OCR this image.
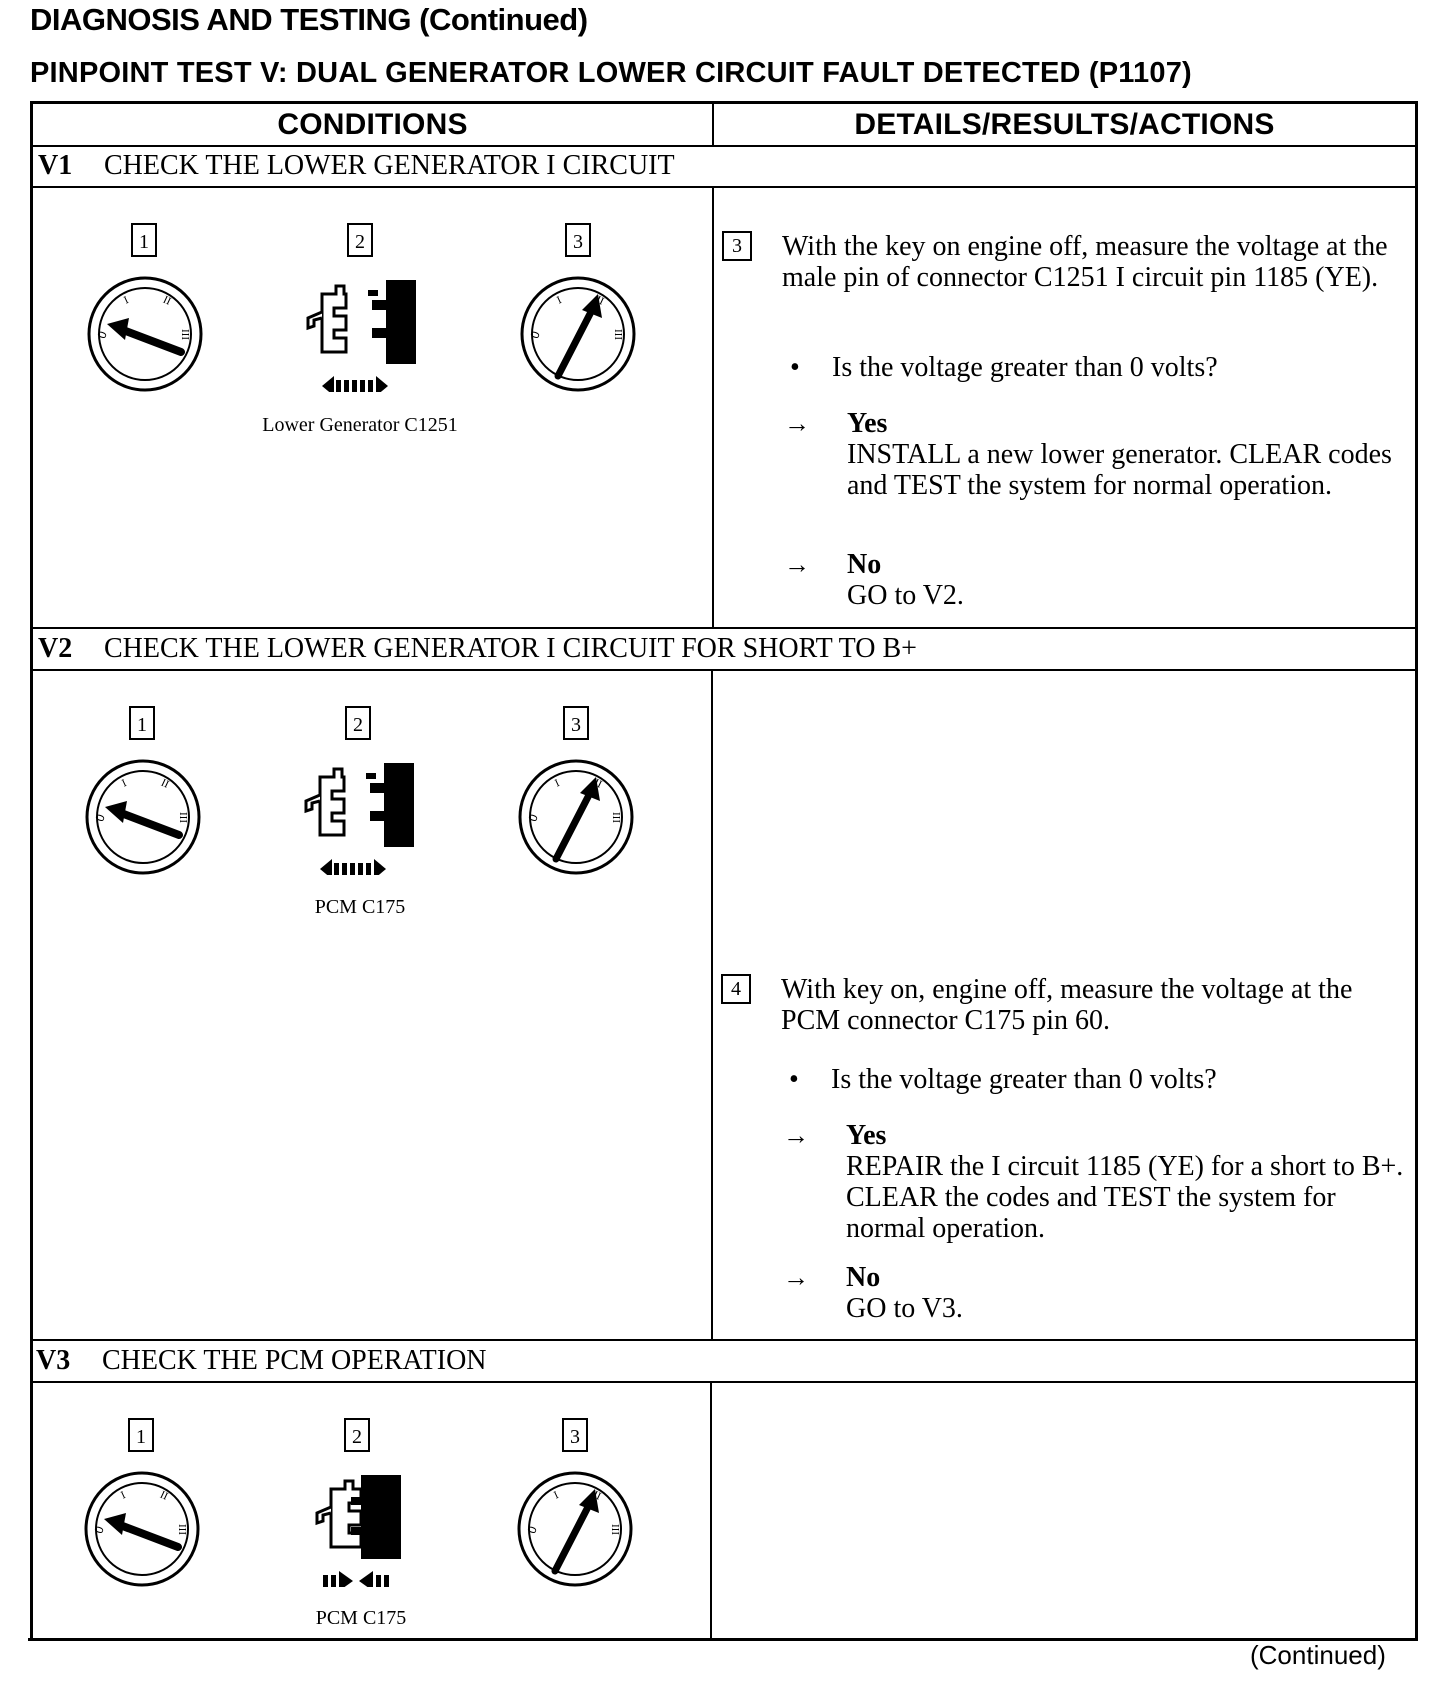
DIAGNOSIS AND TESTING (Continued)
PINPOINT TEST V: DUAL GENERATOR LOWER CIRCUIT FAULT DETECTED (P1107)
CONDITIONS	DETAILS/RESULTS/ACTIONS
V1 CHECK THE LOWER GENERATOR I CIRCUIT
1	2	3
Lower Generator C1251
3	With the key on engine off, measure the voltage at the male pin of connector C1251 I circuit pin 1185 (YE).
• Is the voltage greater than 0 volts?
→ Yes
INSTALL a new lower generator. CLEAR codes and TEST the system for normal operation.
→ No
GO to V2.
V2 CHECK THE LOWER GENERATOR I CIRCUIT FOR SHORT TO B+
1	2	3
PCM C175
4	With key on, engine off, measure the voltage at the PCM connector C175 pin 60.
• Is the voltage greater than 0 volts?
→ Yes
REPAIR the I circuit 1185 (YE) for a short to B+. CLEAR the codes and TEST the system for normal operation.
→ No
GO to V3.
V3 CHECK THE PCM OPERATION
1	2	3
PCM C175
(Continued)
